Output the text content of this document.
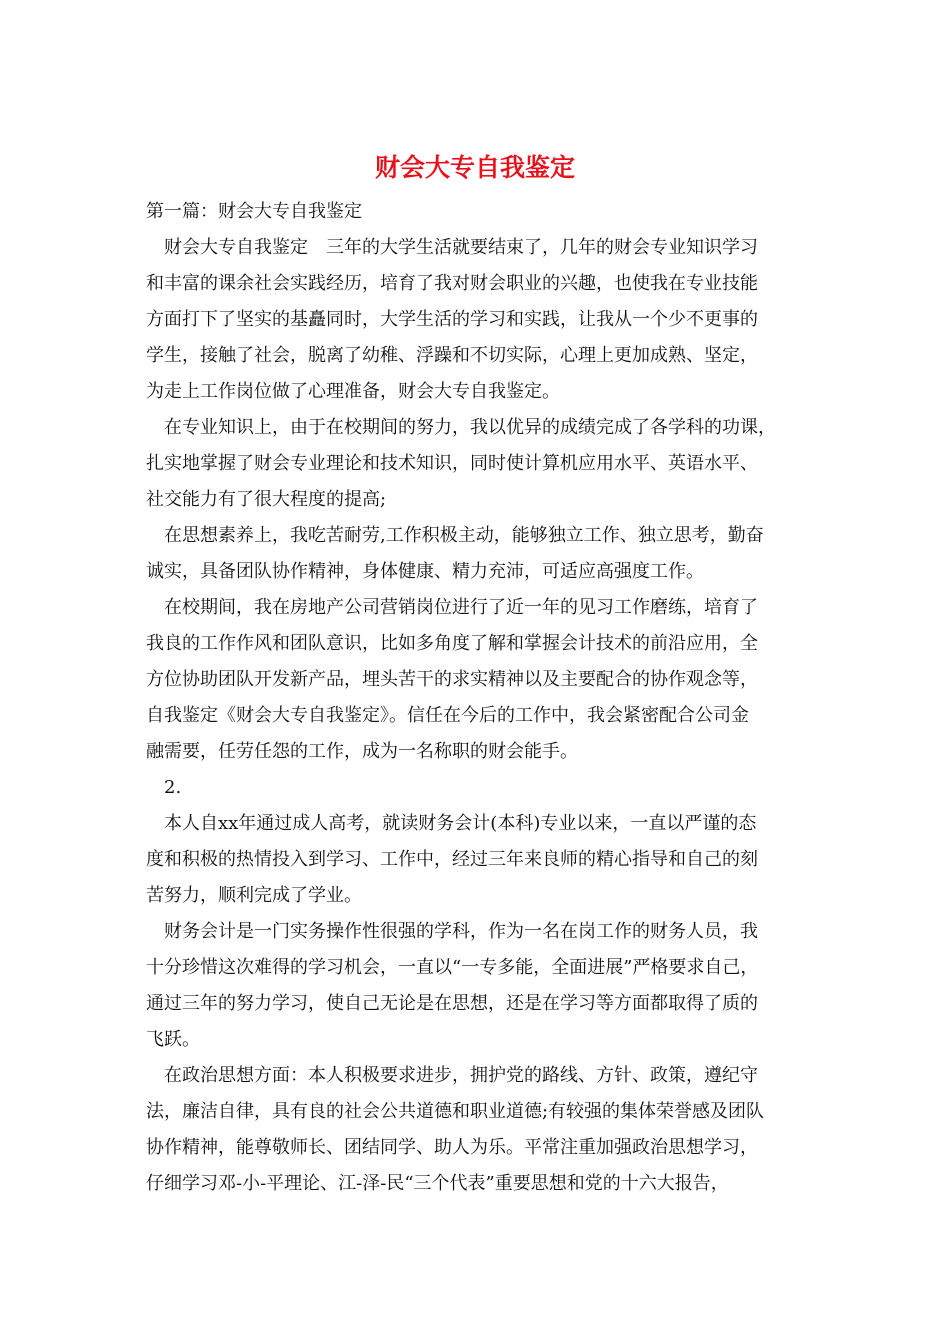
财会大专自我鉴定
第一篇：财会大专自我鉴定
财会大专自我鉴定　三年的大学生活就要结束了，几年的财会专业知识学习
和丰富的课余社会实践经历，培育了我对财会职业的兴趣，也使我在专业技能
方面打下了坚实的基矗同时，大学生活的学习和实践，让我从一个少不更事的
学生，接触了社会，脱离了幼稚、浮躁和不切实际，心理上更加成熟、坚定，
为走上工作岗位做了心理准备，财会大专自我鉴定。
在专业知识上，由于在校期间的努力，我以优异的成绩完成了各学科的功课，
扎实地掌握了财会专业理论和技术知识，同时使计算机应用水平、英语水平、
社交能力有了很大程度的提高;
在思想素养上，我吃苦耐劳,工作积极主动，能够独立工作、独立思考，勤奋
诚实，具备团队协作精神，身体健康、精力充沛，可适应高强度工作。
在校期间，我在房地产公司营销岗位进行了近一年的见习工作磨练，培育了
我良的工作作风和团队意识，比如多角度了解和掌握会计技术的前沿应用，全
方位协助团队开发新产品，埋头苦干的求实精神以及主要配合的协作观念等，
自我鉴定《财会大专自我鉴定》。信任在今后的工作中，我会紧密配合公司金
融需要，任劳任怨的工作，成为一名称职的财会能手。
2.
本人自xx年通过成人高考，就读财务会计(本科)专业以来，一直以严谨的态
度和积极的热情投入到学习、工作中，经过三年来良师的精心指导和自己的刻
苦努力，顺利完成了学业。
财务会计是一门实务操作性很强的学科，作为一名在岗工作的财务人员，我
十分珍惜这次难得的学习机会，一直以“一专多能，全面进展”严格要求自己，
通过三年的努力学习，使自己无论是在思想，还是在学习等方面都取得了质的
飞跃。
在政治思想方面：本人积极要求进步，拥护党的路线、方针、政策，遵纪守
法，廉洁自律，具有良的社会公共道德和职业道德;有较强的集体荣誉感及团队
协作精神，能尊敬师长、团结同学、助人为乐。平常注重加强政治思想学习，
仔细学习邓-小-平理论、江-泽-民“三个代表”重要思想和党的十六大报告，
